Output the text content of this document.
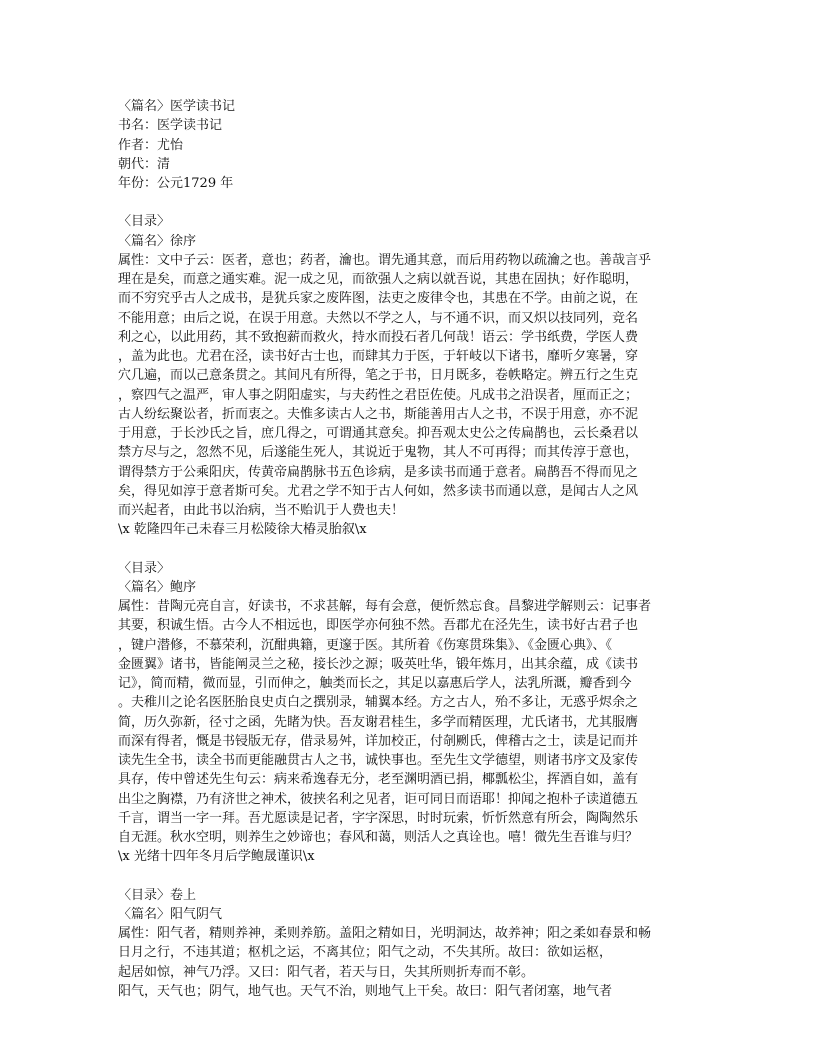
〈篇名〉医学读书记
书名：医学读书记
作者：尤怡
朝代：清
年份：公元1729 年
〈目录〉
〈篇名〉徐序
属性：文中子云：医者，意也；药者，瀹也。谓先通其意，而后用药物以疏瀹之也。善哉言乎
理在是矣，而意之通实难。泥一成之见，而欲强人之病以就吾说，其患在固执；好作聪明，
而不穷究乎古人之成书，是犹兵家之废阵图，法吏之废律令也，其患在不学。由前之说，在
不能用意；由后之说，在误于用意。夫然以不学之人，与不通不识，而又炽以技同列，竞名
利之心，以此用药，其不致抱薪而救火，持水而投石者几何哉！语云：学书纸费，学医人费
，盖为此也。尤君在泾，读书好古士也，而肆其力于医，于轩岐以下诸书，靡听夕寒暑，穿
穴几遍，而以己意条贯之。其间凡有所得，笔之于书，日月既多，卷帙略定。辨五行之生克
，察四气之温严，审人事之阴阳虚实，与夫药性之君臣佐使。凡成书之沿误者，厘而正之；
古人纷纭聚讼者，折而衷之。夫惟多读古人之书，斯能善用古人之书，不误于用意，亦不泥
于用意，于长沙氏之旨，庶几得之，可谓通其意矣。抑吾观太史公之传扁鹊也，云长桑君以
禁方尽与之，忽然不见，后遂能生死人，其说近于鬼物，其人不可再得；而其传淳于意也，
谓得禁方于公乘阳庆，传黄帝扁鹊脉书五色诊病，是多读书而通于意者。扁鹊吾不得而见之
矣，得见如淳于意者斯可矣。尤君之学不知于古人何如，然多读书而通以意，是闻古人之风
而兴起者，由此书以治病，当不贻讥于人费也夫！
\x 乾隆四年己未春三月松陵徐大椿灵胎叙\x
〈目录〉
〈篇名〉鲍序
属性：昔陶元亮自言，好读书，不求甚解，每有会意，便忻然忘食。昌黎进学解则云：记事者
其要，积诚生悟。古今人不相远也，即医学亦何独不然。吾郡尤在泾先生，读书好古君子也
，键户潜修，不慕荣利，沉酣典籍，更邃于医。其所着《伤寒贯珠集》、《金匮心典》、《
金匮翼》诸书，皆能阐灵兰之秘，接长沙之源；吸英吐华，锻年炼月，出其余蕴，成《读书
记》，简而精，微而显，引而伸之，触类而长之，其足以嘉惠后学人，法乳所溉，瓣香到今
。夫稚川之论名医胚胎良史贞白之撰别录，辅翼本经。方之古人，殆不多让，无惑乎烬余之
简，历久弥新，径寸之函，先睹为快。吾友谢君桂生，多学而精医理，尤氏诸书，尤其服膺
而深有得者，慨是书锓版无存，借录易舛，详加校正，付剞劂氏，俾稽古之士，读是记而并
读先生全书，读全书而更能融贯古人之书，诚快事也。至先生文学德望，则诸书序文及家传
具存，传中曾述先生句云：病来希逸春无分，老至渊明酒已捐，椰瓢松尘，挥酒自如，盖有
出尘之胸襟，乃有济世之神术，彼挟名利之见者，讵可同日而语耶！抑闻之抱朴子读道德五
千言，谓当一字一拜。吾尤愿读是记者，字字深思，时时玩索，忻忻然意有所会，陶陶然乐
自无涯。秋水空明，则养生之妙谛也；春风和蔼，则活人之真诠也。嘻！微先生吾谁与归？
\x 光绪十四年冬月后学鲍晟谨识\x
〈目录〉卷上
〈篇名〉阳气阴气
属性：阳气者，精则养神，柔则养筋。盖阳之精如日，光明洞达，故养神；阳之柔如春景和畅
日月之行，不违其道；枢机之运，不离其位；阳气之动，不失其所。故曰：欲如运枢，
起居如惊，神气乃浮。又曰：阳气者，若天与日，失其所则折寿而不彰。
阳气，天气也；阴气，地气也。天气不治，则地气上干矣。故曰：阳气者闭塞，地气者
